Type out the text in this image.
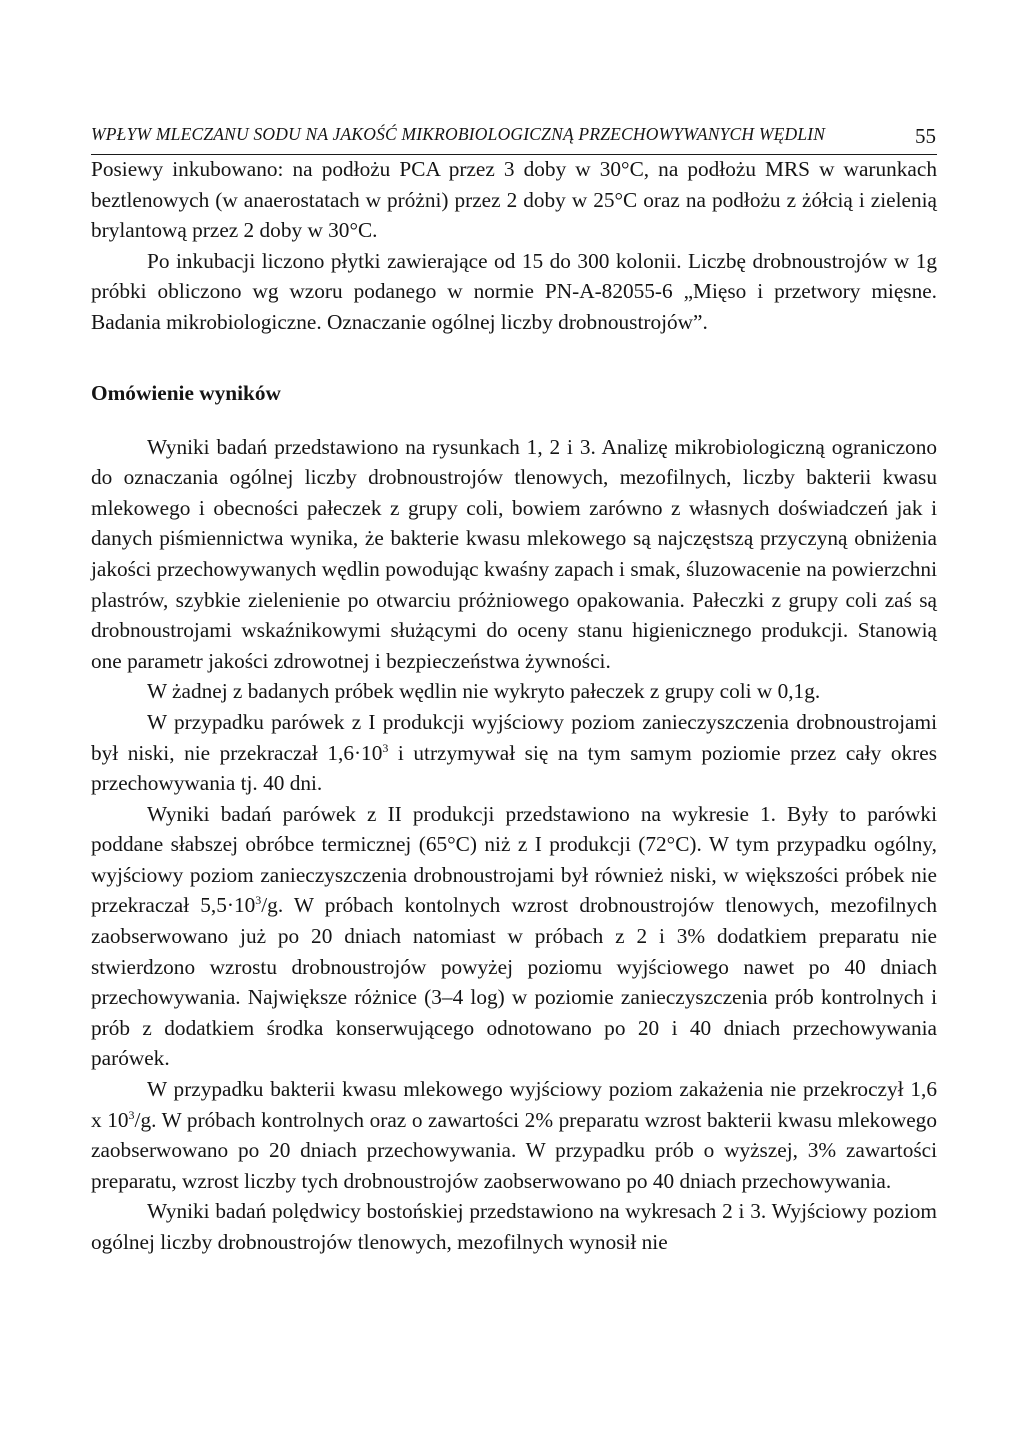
WPŁYW MLECZANU SODU NA JAKOŚĆ MIKROBIOLOGICZNĄ PRZECHOWYWANYCH WĘDLIN	55

Posiewy inkubowano: na podłożu PCA przez 3 doby w 30°C, na podłożu MRS w warunkach beztlenowych (w anaerostatach w próżni) przez 2 doby w 25°C oraz na podłożu z żółcią i zielenią brylantową przez 2 doby w 30°C.

Po inkubacji liczono płytki zawierające od 15 do 300 kolonii. Liczbę drobnoustrojów w 1g próbki obliczono wg wzoru podanego w normie PN-A-82055-6 „Mięso i przetwory mięsne. Badania mikrobiologiczne. Oznaczanie ogólnej liczby drobnoustrojów”.

Omówienie wyników

Wyniki badań przedstawiono na rysunkach 1, 2 i 3. Analizę mikrobiologiczną ograniczono do oznaczania ogólnej liczby drobnoustrojów tlenowych, mezofilnych, liczby bakterii kwasu mlekowego i obecności pałeczek z grupy coli, bowiem zarówno z własnych doświadczeń jak i danych piśmiennictwa wynika, że bakterie kwasu mlekowego są najczęstszą przyczyną obniżenia jakości przechowywanych wędlin powodując kwaśny zapach i smak, śluzowacenie na powierzchni plastrów, szybkie zielenienie po otwarciu próżniowego opakowania. Pałeczki z grupy coli zaś są drobnoustrojami wskaźnikowymi służącymi do oceny stanu higienicznego produkcji. Stanowią one parametr jakości zdrowotnej i bezpieczeństwa żywności.

W żadnej z badanych próbek wędlin nie wykryto pałeczek z grupy coli w 0,1g.

W przypadku parówek z I produkcji wyjściowy poziom zanieczyszczenia drobnoustrojami był niski, nie przekraczał $1,6\cdot 10^3$ i utrzymywał się na tym samym poziomie przez cały okres przechowywania tj. 40 dni.

Wyniki badań parówek z II produkcji przedstawiono na wykresie 1. Były to parówki poddane słabszej obróbce termicznej (65°C) niż z I produkcji (72°C). W tym przypadku ogólny, wyjściowy poziom zanieczyszczenia drobnoustrojami był również niski, w większości próbek nie przekraczał $5,5\cdot 10^3/g$. W próbach kontolnych wzrost drobnoustrojów tlenowych, mezofilnych zaobserwowano już po 20 dniach natomiast w próbach z 2 i 3% dodatkiem preparatu nie stwierdzono wzrostu drobnoustrojów powyżej poziomu wyjściowego nawet po 40 dniach przechowywania. Największe różnice (3–4 log) w poziomie zanieczyszczenia prób kontrolnych i prób z dodatkiem środka konserwującego odnotowano po 20 i 40 dniach przechowywania parówek.

W przypadku bakterii kwasu mlekowego wyjściowy poziom zakażenia nie przekroczył 1,6 x $10^3/g$. W próbach kontrolnych oraz o zawartości 2% preparatu wzrost bakterii kwasu mlekowego zaobserwowano po 20 dniach przechowywania. W przypadku prób o wyższej, 3% zawartości preparatu, wzrost liczby tych drobnoustrojów zaobserwowano po 40 dniach przechowywania.

Wyniki badań polędwicy bostońskiej przedstawiono na wykresach 2 i 3. Wyjściowy poziom ogólnej liczby drobnoustrojów tlenowych, mezofilnych wynosił nie
